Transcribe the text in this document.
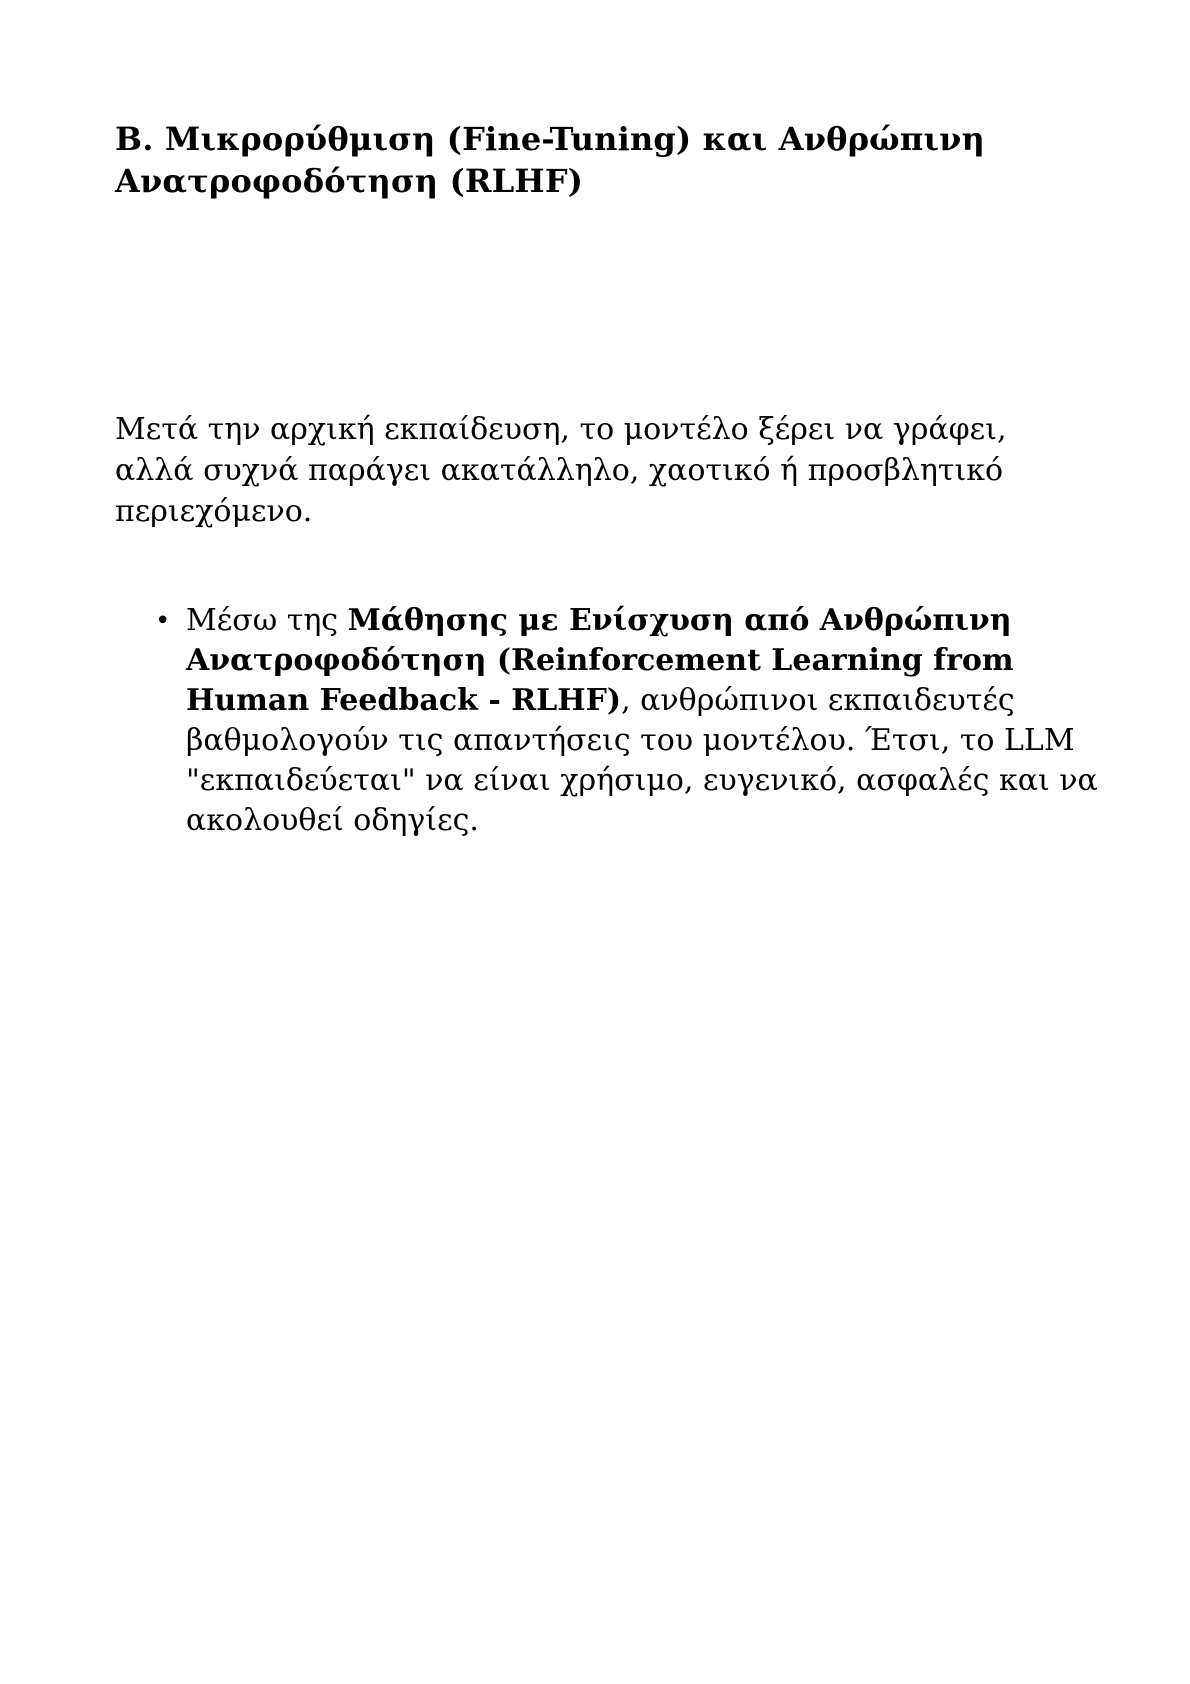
B. Μικρορύθμιση (Fine-Tuning) και Ανθρώπινη Ανατροφοδότηση (RLHF)

Μετά την αρχική εκπαίδευση, το μοντέλο ξέρει να γράφει, αλλά συχνά παράγει ακατάλληλο, χαοτικό ή προσβλητικό περιεχόμενο.

• Μέσω της Μάθησης με Ενίσχυση από Ανθρώπινη Ανατροφοδότηση (Reinforcement Learning from Human Feedback - RLHF), ανθρώπινοι εκπαιδευτές βαθμολογούν τις απαντήσεις του μοντέλου. Έτσι, το LLM "εκπαιδεύεται" να είναι χρήσιμο, ευγενικό, ασφαλές και να ακολουθεί οδηγίες.
